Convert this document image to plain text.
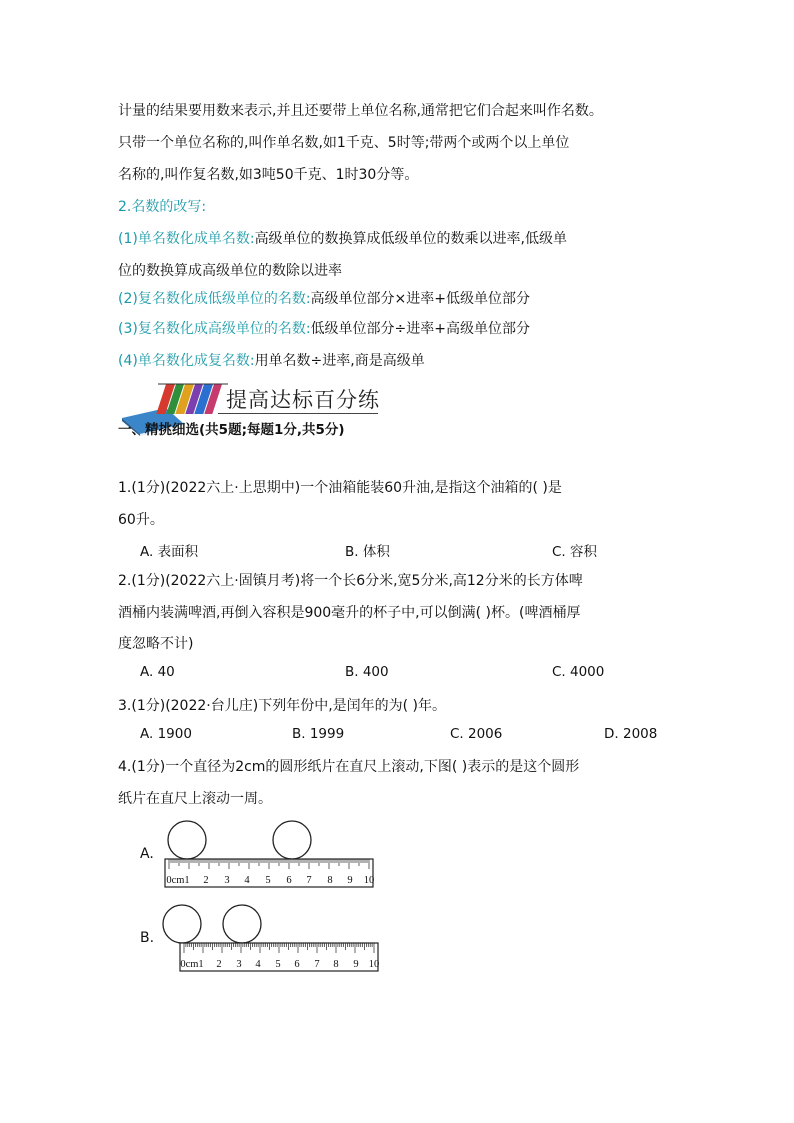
计量的结果要用数来表示,并且还要带上单位名称,通常把它们合起来叫作名数。
只带一个单位名称的,叫作单名数,如1千克、5时等;带两个或两个以上单位
名称的,叫作复名数,如3吨50千克、1时30分等。
2.名数的改写:
(1)单名数化成单名数:高级单位的数换算成低级单位的数乘以进率,低级单
位的数换算成高级单位的数除以进率
(2)复名数化成低级单位的名数:高级单位部分×进率+低级单位部分
(3)复名数化成高级单位的名数:低级单位部分÷进率+高级单位部分
(4)单名数化成复名数:用单名数÷进率,商是高级单
提高达标百分练
一、精挑细选(共5题;每题1分,共5分)
1.(1分)(2022六上·上思期中)一个油箱能装60升油,是指这个油箱的( )是
60升。
A. 表面积	B. 体积	C. 容积
2.(1分)(2022六上·固镇月考)将一个长6分米,宽5分米,高12分米的长方体啤
酒桶内装满啤酒,再倒入容积是900毫升的杯子中,可以倒满( )杯。(啤酒桶厚
度忽略不计)
A. 40	B. 400	C. 4000
3.(1分)(2022·台儿庄)下列年份中,是闰年的为( )年。
A. 1900	B. 1999	C. 2006	D. 2008
4.(1分)一个直径为2cm的圆形纸片在直尺上滚动,下图( )表示的是这个圆形
纸片在直尺上滚动一周。
A.
0cm1 2 3 4 5 6 7 8 9 10
B.
0cm1 2 3 4 5 6 7 8 9 10
